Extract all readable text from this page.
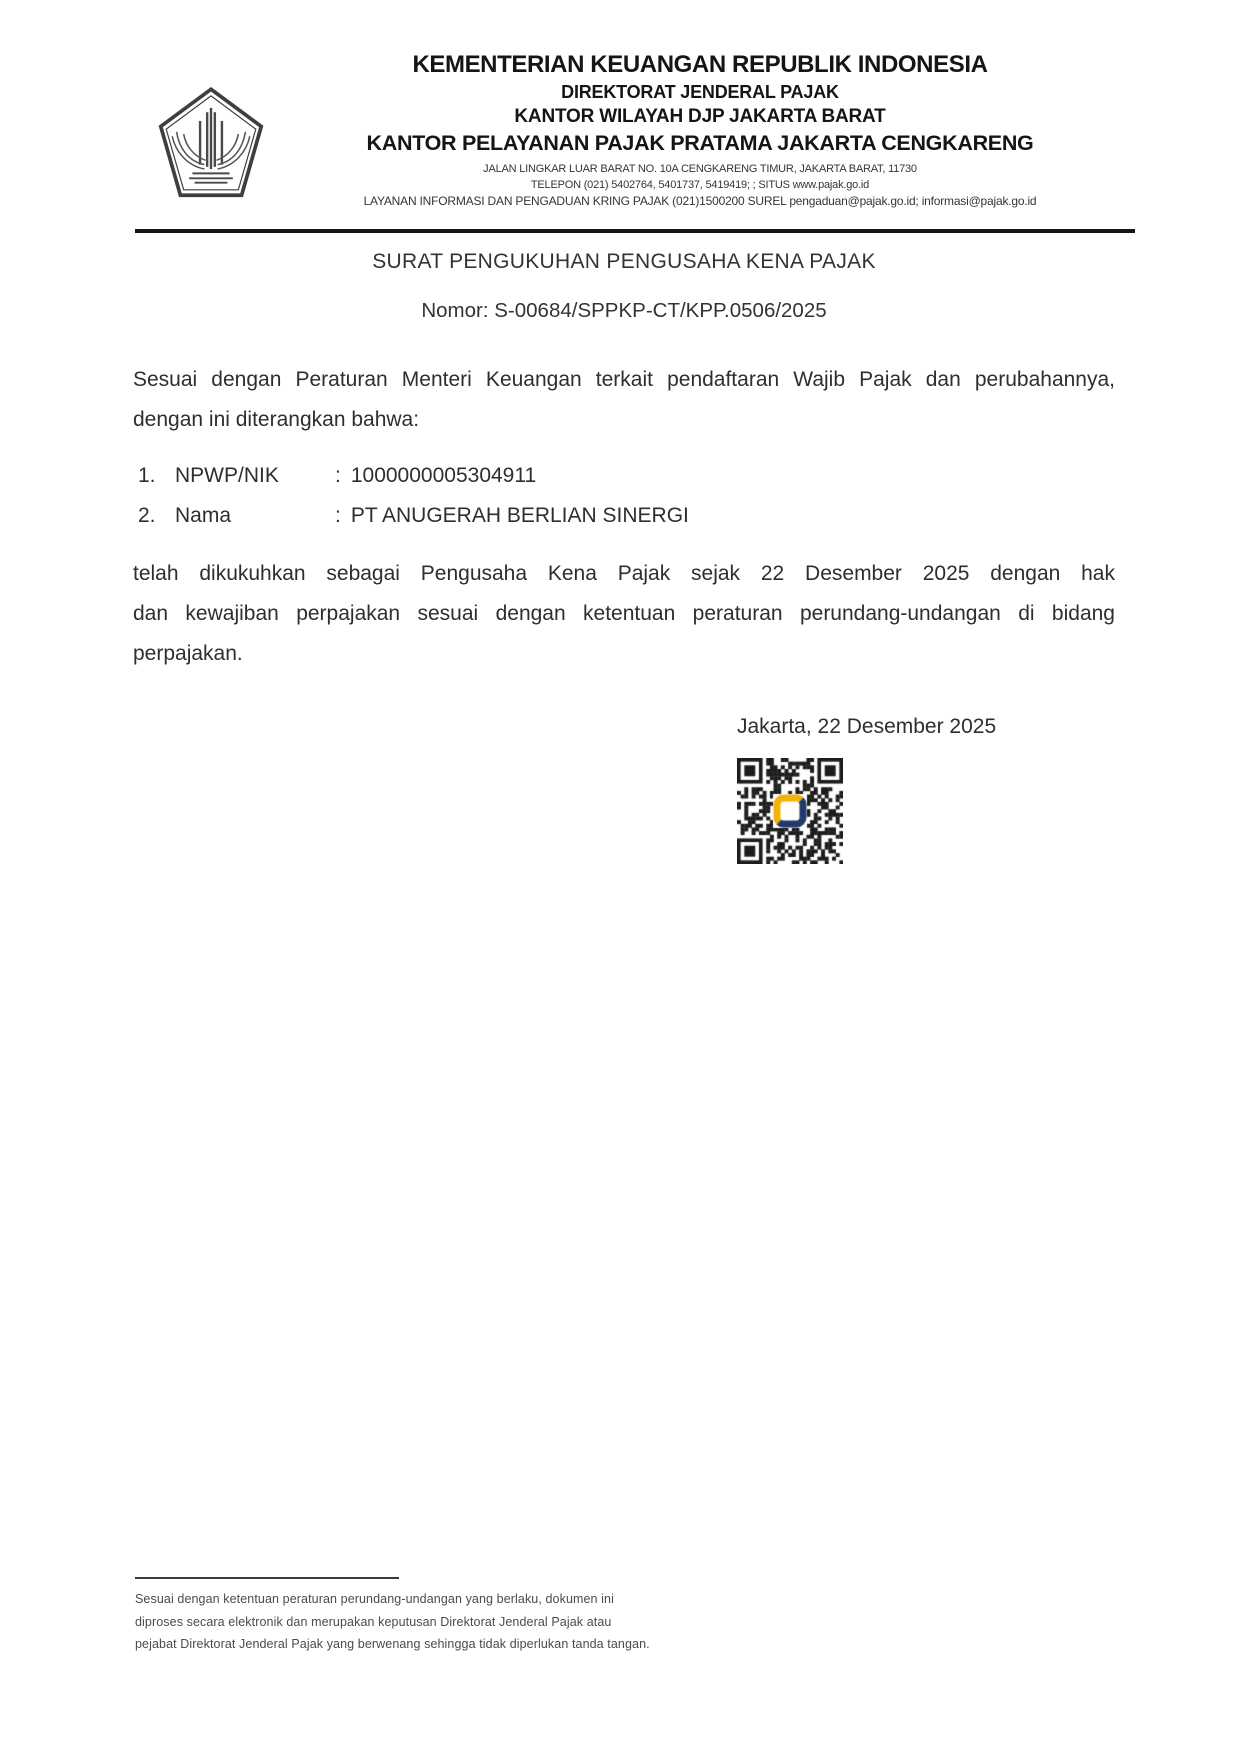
KEMENTERIAN KEUANGAN REPUBLIK INDONESIA
DIREKTORAT JENDERAL PAJAK
KANTOR WILAYAH DJP JAKARTA BARAT
KANTOR PELAYANAN PAJAK PRATAMA JAKARTA CENGKARENG
JALAN LINGKAR LUAR BARAT NO. 10A CENGKARENG TIMUR, JAKARTA BARAT, 11730
TELEPON (021) 5402764, 5401737, 5419419; ; SITUS www.pajak.go.id
LAYANAN INFORMASI DAN PENGADUAN KRING PAJAK (021)1500200 SUREL pengaduan@pajak.go.id; informasi@pajak.go.id
SURAT PENGUKUHAN PENGUSAHA KENA PAJAK
Nomor: S-00684/SPPKP-CT/KPP.0506/2025
Sesuai dengan Peraturan Menteri Keuangan terkait pendaftaran Wajib Pajak dan perubahannya,
dengan ini diterangkan bahwa:
1. NPWP/NIK	: 1000000005304911
2. Nama	: PT ANUGERAH BERLIAN SINERGI
telah dikukuhkan sebagai Pengusaha Kena Pajak sejak 22 Desember 2025 dengan hak
dan kewajiban perpajakan sesuai dengan ketentuan peraturan perundang-undangan di bidang
perpajakan.
Jakarta, 22 Desember 2025
Sesuai dengan ketentuan peraturan perundang-undangan yang berlaku, dokumen ini
diproses secara elektronik dan merupakan keputusan Direktorat Jenderal Pajak atau
pejabat Direktorat Jenderal Pajak yang berwenang sehingga tidak diperlukan tanda tangan.
